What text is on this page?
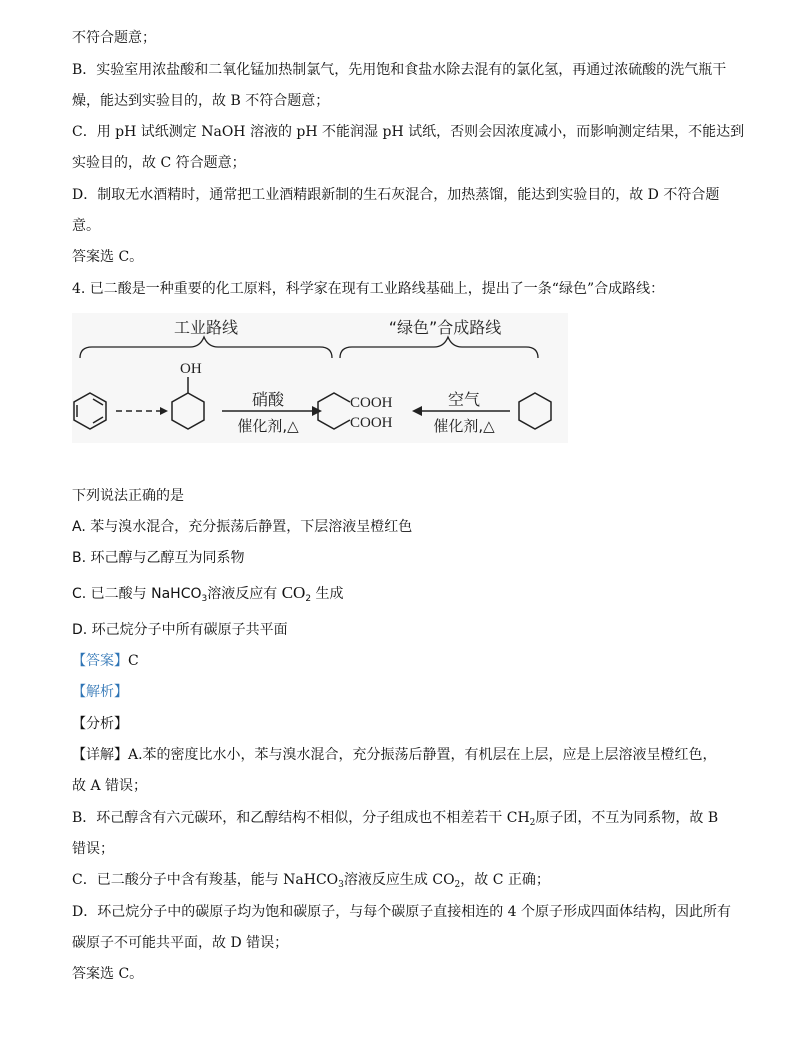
不符合题意；
B．实验室用浓盐酸和二氧化锰加热制氯气，先用饱和食盐水除去混有的氯化氢，再通过浓硫酸的洗气瓶干
燥，能达到实验目的，故 B 不符合题意；
C．用 pH 试纸测定 NaOH 溶液的 pH 不能润湿 pH 试纸，否则会因浓度减小，而影响测定结果，不能达到
实验目的，故 C 符合题意；
D．制取无水酒精时，通常把工业酒精跟新制的生石灰混合，加热蒸馏，能达到实验目的，故 D 不符合题
意。
答案选 C。
4. 已二酸是一种重要的化工原料，科学家在现有工业路线基础上，提出了一条“绿色”合成路线：
工业路线	“绿色”合成路线
OH
硝酸
催化剂,△
COOH
COOH
空气
催化剂,△
下列说法正确的是
A. 苯与溴水混合，充分振荡后静置，下层溶液呈橙红色
B. 环己醇与乙醇互为同系物
C. 已二酸与 NaHCO$_3$溶液反应有 $CO_2$ 生成
D. 环己烷分子中所有碳原子共平面
【答案】C
【解析】
【分析】
【详解】A.苯的密度比水小，苯与溴水混合，充分振荡后静置，有机层在上层，应是上层溶液呈橙红色，
故 A 错误；
B．环己醇含有六元碳环，和乙醇结构不相似，分子组成也不相差若干 $CH_2$原子团，不互为同系物，故 B
错误；
C．已二酸分子中含有羧基，能与 NaHCO$_3$溶液反应生成 $CO_2$，故 C 正确；
D．环己烷分子中的碳原子均为饱和碳原子，与每个碳原子直接相连的 4 个原子形成四面体结构，因此所有
碳原子不可能共平面，故 D 错误；
答案选 C。
